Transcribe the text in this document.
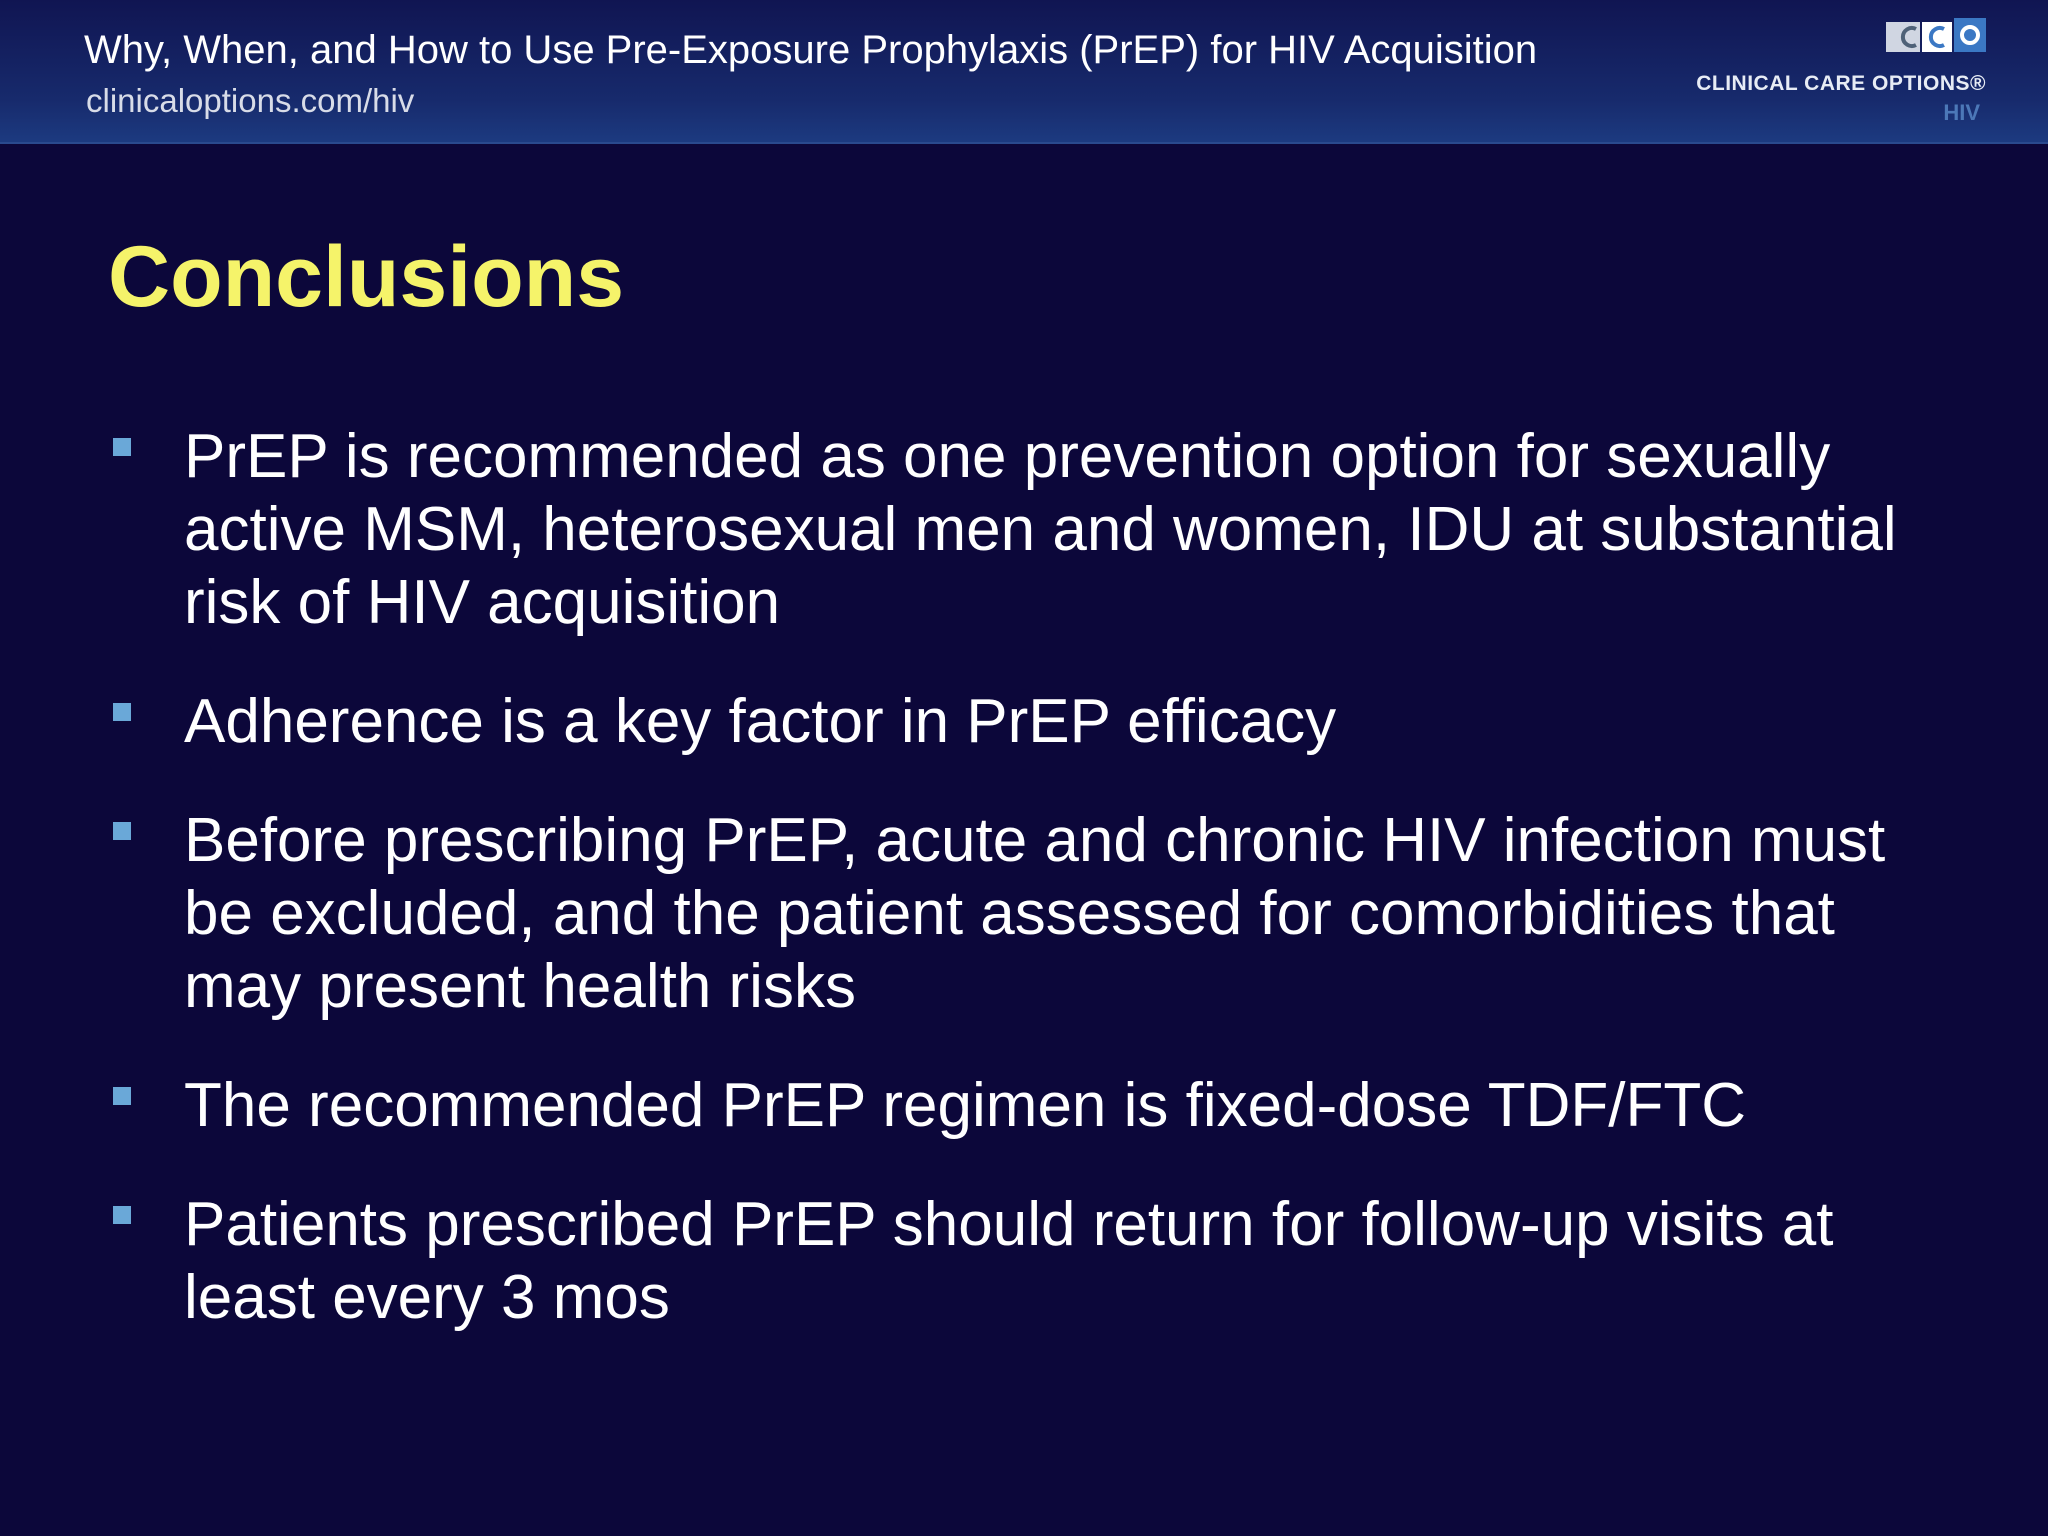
Why, When, and How to Use Pre-Exposure Prophylaxis (PrEP) for HIV Acquisition
clinicaloptions.com/hiv	CLINICAL CARE OPTIONS®
HIV
Conclusions
PrEP is recommended as one prevention option for sexually active MSM, heterosexual men and women, IDU at substantial risk of HIV acquisition
Adherence is a key factor in PrEP efficacy
Before prescribing PrEP, acute and chronic HIV infection must be excluded, and the patient assessed for comorbidities that may present health risks
The recommended PrEP regimen is fixed-dose TDF/FTC
Patients prescribed PrEP should return for follow-up visits at least every 3 mos
